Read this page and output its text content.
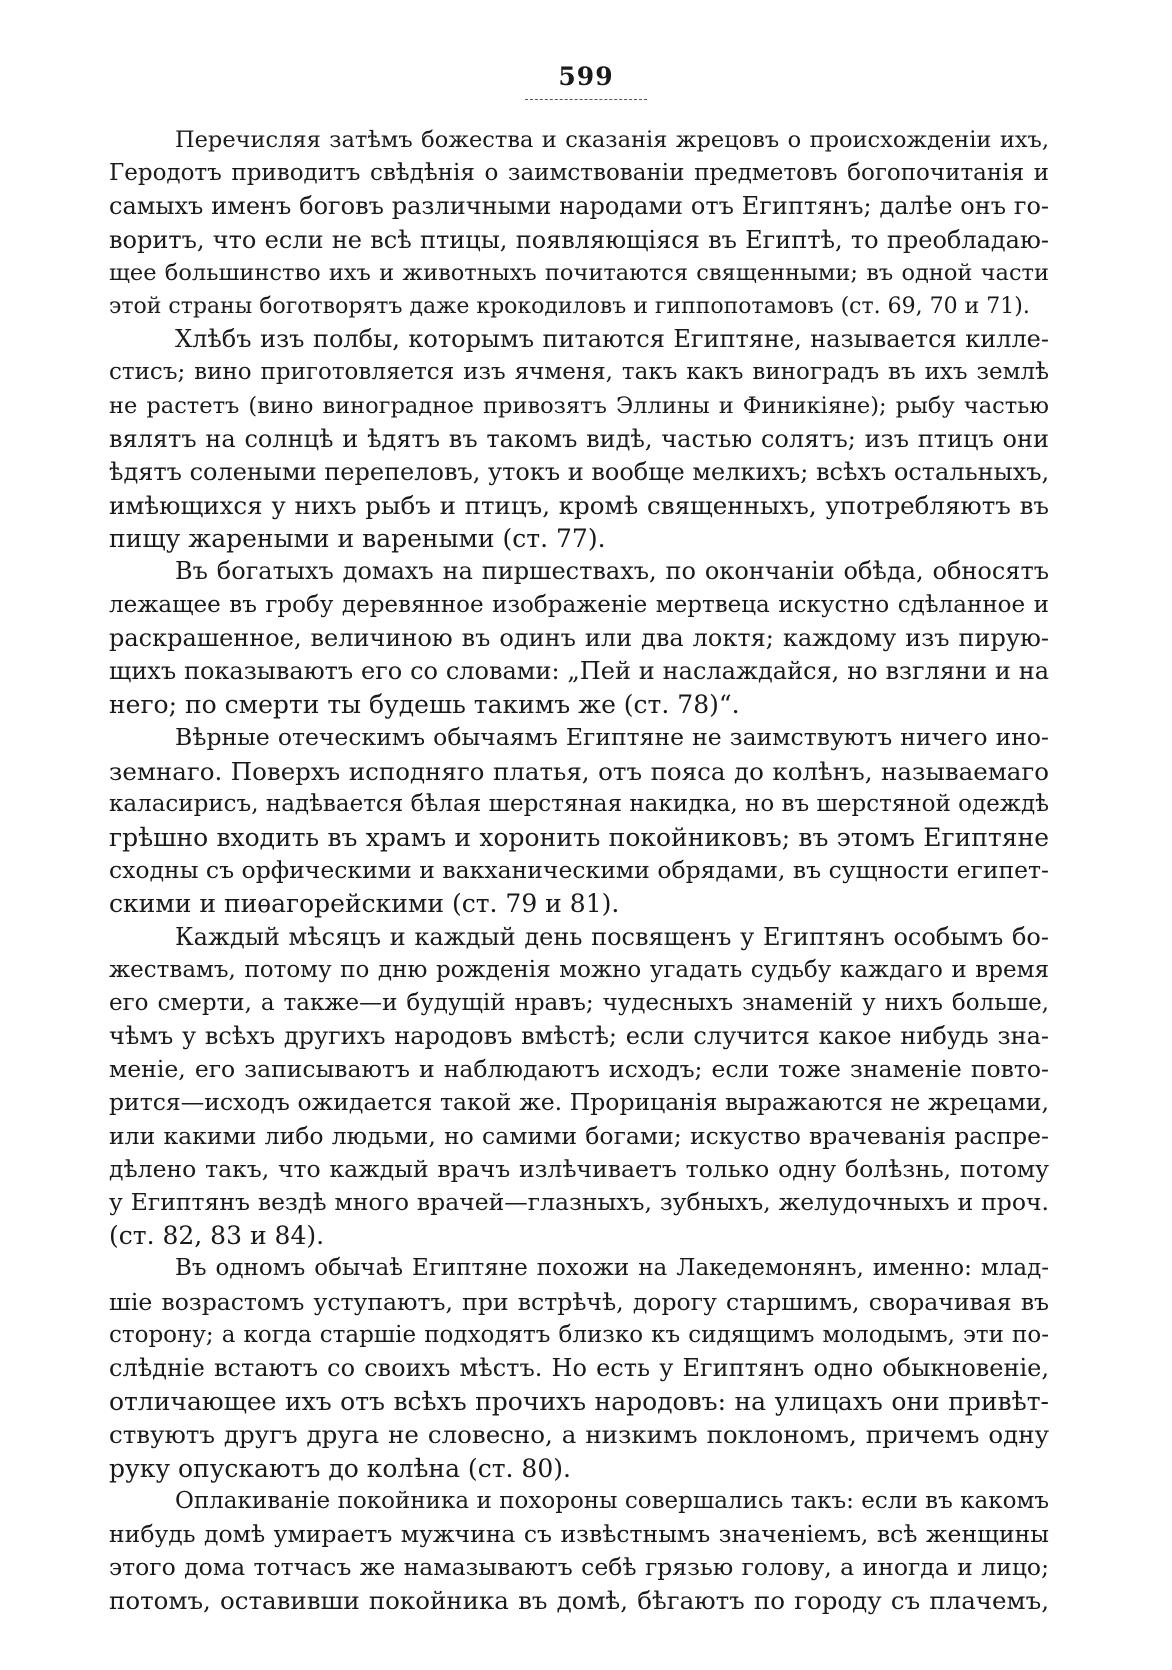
599
Перечисляя затѣмъ божества и сказанія жрецовъ о происхожденіи ихъ,
Геродотъ приводитъ свѣдѣнія о заимствованіи предметовъ богопочитанія и
самыхъ именъ боговъ различными народами отъ Египтянъ; далѣе онъ го-
воритъ, что если не всѣ птицы, появляющіяся въ Египтѣ, то преобладаю-
щее большинство ихъ и животныхъ почитаются священными; въ одной части
этой страны боготворятъ даже крокодиловъ и гиппопотамовъ (ст. 69, 70 и 71).
Хлѣбъ изъ полбы, которымъ питаются Египтяне, называется киллe-
стисъ; вино приготовляется изъ ячменя, такъ какъ виноградъ въ ихъ землѣ
не растетъ (вино виноградное привозятъ Эллины и Финикіяне); рыбу частью
вялятъ на солнцѣ и ѣдятъ въ такомъ видѣ, частью солятъ; изъ птицъ они
ѣдятъ солеными перепеловъ, утокъ и вообще мелкихъ; всѣхъ остальныхъ,
имѣющихся у нихъ рыбъ и птицъ, кромѣ священныхъ, употребляютъ въ
пищу жареными и вареными (ст. 77).
Въ богатыхъ домахъ на пиршествахъ, по окончаніи обѣда, обносятъ
лежащее въ гробу деревянное изображеніе мертвеца искустно сдѣланное и
раскрашенное, величиною въ одинъ или два локтя; каждому изъ пирую-
щихъ показываютъ его со словами: „Пей и наслаждайся, но взгляни и на
него; по смерти ты будешь такимъ же (ст. 78)“.
Вѣрные отеческимъ обычаямъ Египтяне не заимствуютъ ничего ино-
земнаго. Поверхъ исподняго платья, отъ пояса до колѣнъ, называемаго
каласирисъ, надѣвается бѣлая шерстяная накидка, но въ шерстяной одеждѣ
грѣшно входить въ храмъ и хоронить покойниковъ; въ этомъ Египтяне
сходны съ орфическими и вакханическими обрядами, въ сущности египет-
скими и пиѳагорейскими (ст. 79 и 81).
Каждый мѣсяцъ и каждый день посвященъ у Египтянъ особымъ бо-
жествамъ, потому по дню рожденія можно угадать судьбу каждаго и время
его смерти, а также—и будущій нравъ; чудесныхъ знаменій у нихъ больше,
чѣмъ у всѣхъ другихъ народовъ вмѣстѣ; если случится какое нибудь зна-
меніе, его записываютъ и наблюдаютъ исходъ; если тоже знаменіе повто-
рится—исходъ ожидается такой же. Прорицанія выражаются не жрецами,
или какими либо людьми, но самими богами; искуство врачеванія распре-
дѣлено такъ, что каждый врачъ излѣчиваетъ только одну болѣзнь, потому
у Египтянъ вездѣ много врачей—глазныхъ, зубныхъ, желудочныхъ и проч.
(ст. 82, 83 и 84).
Въ одномъ обычаѣ Египтяне похожи на Лакедемонянъ, именно: млад-
шіе возрастомъ уступаютъ, при встрѣчѣ, дорогу старшимъ, сворачивая въ
сторону; а когда старшіе подходятъ близко къ сидящимъ молодымъ, эти по-
слѣдніе встаютъ со своихъ мѣстъ. Но есть у Египтянъ одно обыкновеніе,
отличающее ихъ отъ всѣхъ прочихъ народовъ: на улицахъ они привѣт-
ствуютъ другъ друга не словесно, а низкимъ поклономъ, причемъ одну
руку опускаютъ до колѣна (ст. 80).
Оплакиваніе покойника и похороны совершались такъ: если въ какомъ
нибудь домѣ умираетъ мужчина съ извѣстнымъ значеніемъ, всѣ женщины
этого дома тотчасъ же намазываютъ себѣ грязью голову, а иногда и лицо;
потомъ, оставивши покойника въ домѣ, бѣгаютъ по городу съ плачемъ,
